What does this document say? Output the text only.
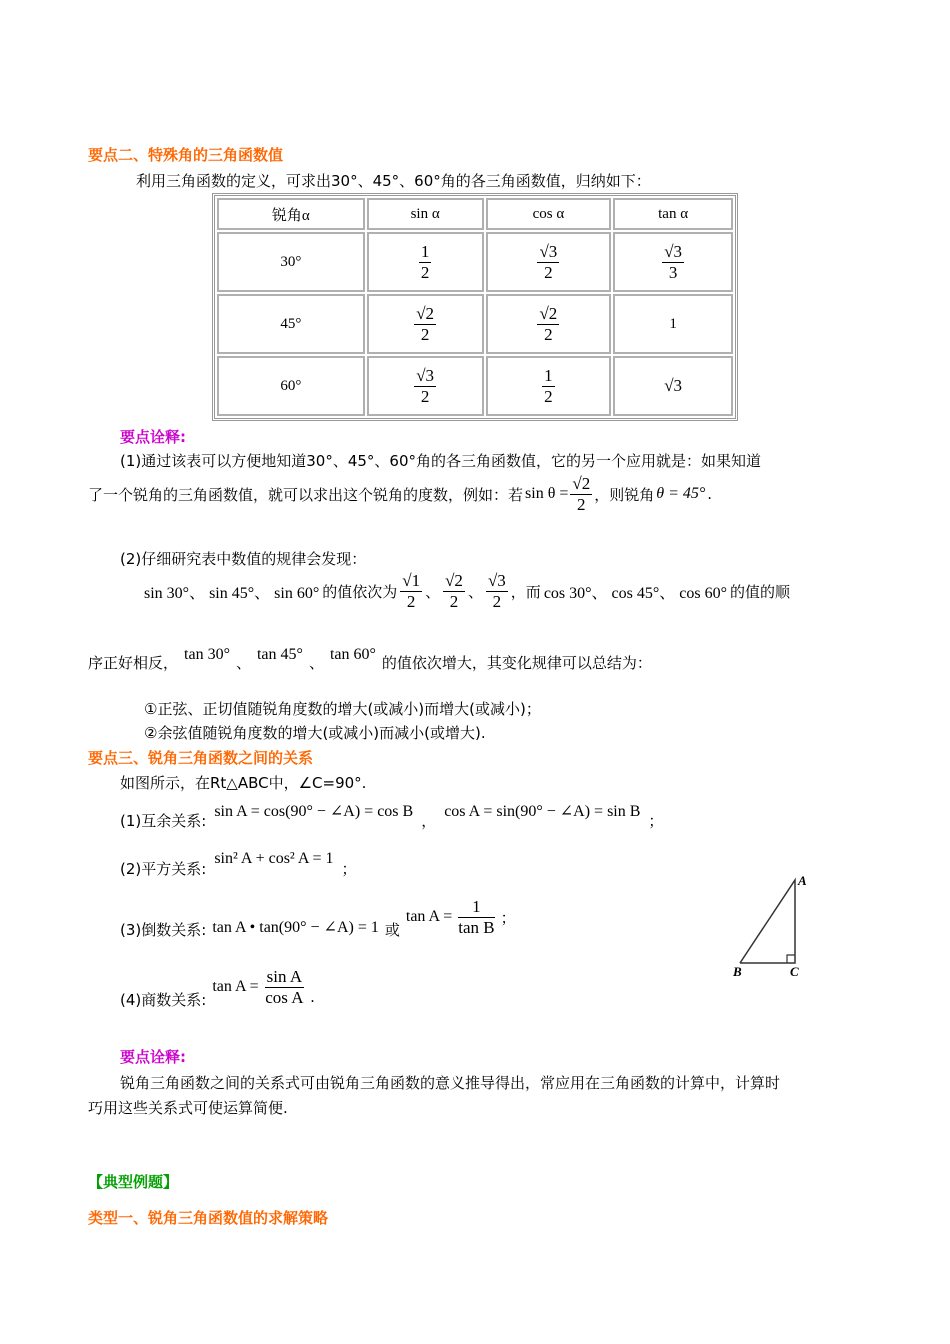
要点二、特殊角的三角函数值
利用三角函数的定义，可求出30°、45°、60°角的各三角函数值，归纳如下：
锐角α	sin α	cos α	tan α
30°	$\frac{1}{2}$	$\frac{√3}{2}$	$\frac{√3}{3}$

45°	$\frac{√2}{2}$	$\frac{√2}{2}$	1
60°	$\frac{√3}{2}$	$\frac{1}{2}$	√3
要点诠释:
(1)通过该表可以方便地知道30°、45°、60°角的各三角函数值，它的另一个应用就是：如果知道
了一个锐角的三角函数值，就可以求出这个锐角的度数，例如：若 $\sin \theta = \frac{√2}{2}$ ，则锐角 θ = 45° .
(2)仔细研究表中数值的规律会发现：
sin 30°、 sin 45°、 sin 60° 的值依次为 $\frac{√1}{2}$ 、 $\frac{√2}{2}$ 、 $\frac{√3}{2}$ ，而 cos 30°、 cos 45°、 cos 60° 的值的顺
序正好相反， tan 30° 、 tan 45° 、 tan 60° 的值依次增大，其变化规律可以总结为：
①正弦、正切值随锐角度数的增大(或减小)而增大(或减小)；
②余弦值随锐角度数的增大(或减小)而减小(或增大).
要点三、锐角三角函数之间的关系
如图所示，在Rt△ABC中，∠C=90°.
(1)互余关系:
sin A = cos(90° − ∠A) = cos B
，
cos A = sin(90° − ∠A) = sin B
；
(2)平方关系:
sin² A + cos² A = 1
；
(3)倒数关系: tan A • tan(90° − ∠A) = 1 或
$\tan A = \frac{1}{\text{tan B}}$ ；
(4)商数关系:
$\tan A = \frac{\text{sin A}}{\text{cos A}}$ .
A
B	C
要点诠释:
锐角三角函数之间的关系式可由锐角三角函数的意义推导得出，常应用在三角函数的计算中，计算时
巧用这些关系式可使运算简便.
【典型例题】
类型一、锐角三角函数值的求解策略
